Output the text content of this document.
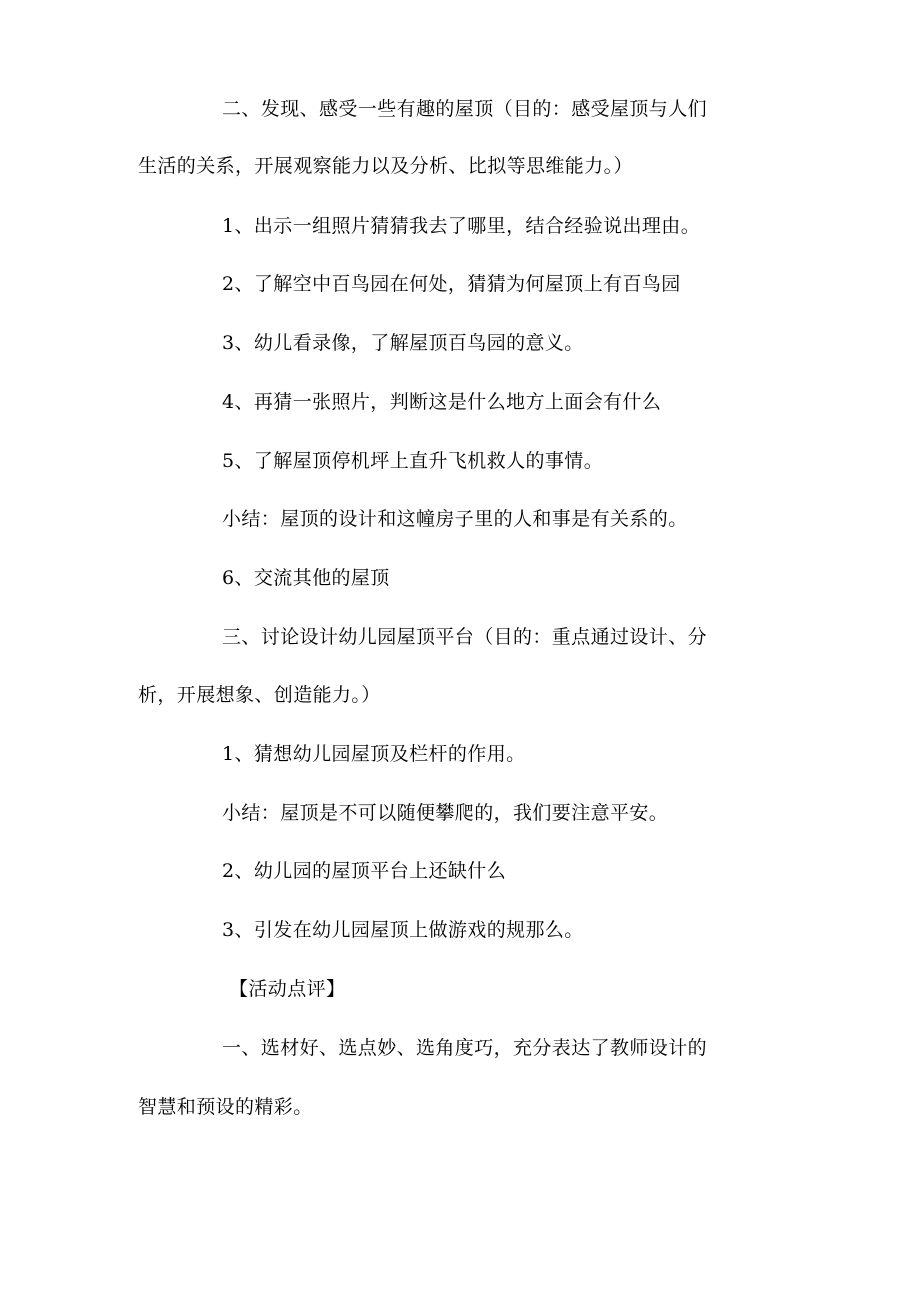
二、发现、感受一些有趣的屋顶（目的：感受屋顶与人们
生活的关系，开展观察能力以及分析、比拟等思维能力。）
1、出示一组照片猜猜我去了哪里，结合经验说出理由。
2、了解空中百鸟园在何处，猜猜为何屋顶上有百鸟园
3、幼儿看录像，了解屋顶百鸟园的意义。
4、再猜一张照片，判断这是什么地方上面会有什么
5、了解屋顶停机坪上直升飞机救人的事情。
小结：屋顶的设计和这幢房子里的人和事是有关系的。
6、交流其他的屋顶
三、讨论设计幼儿园屋顶平台（目的：重点通过设计、分
析，开展想象、创造能力。）
1、猜想幼儿园屋顶及栏杆的作用。
小结：屋顶是不可以随便攀爬的，我们要注意平安。
2、幼儿园的屋顶平台上还缺什么
3、引发在幼儿园屋顶上做游戏的规那么。
【活动点评】
一、选材好、选点妙、选角度巧，充分表达了教师设计的
智慧和预设的精彩。
